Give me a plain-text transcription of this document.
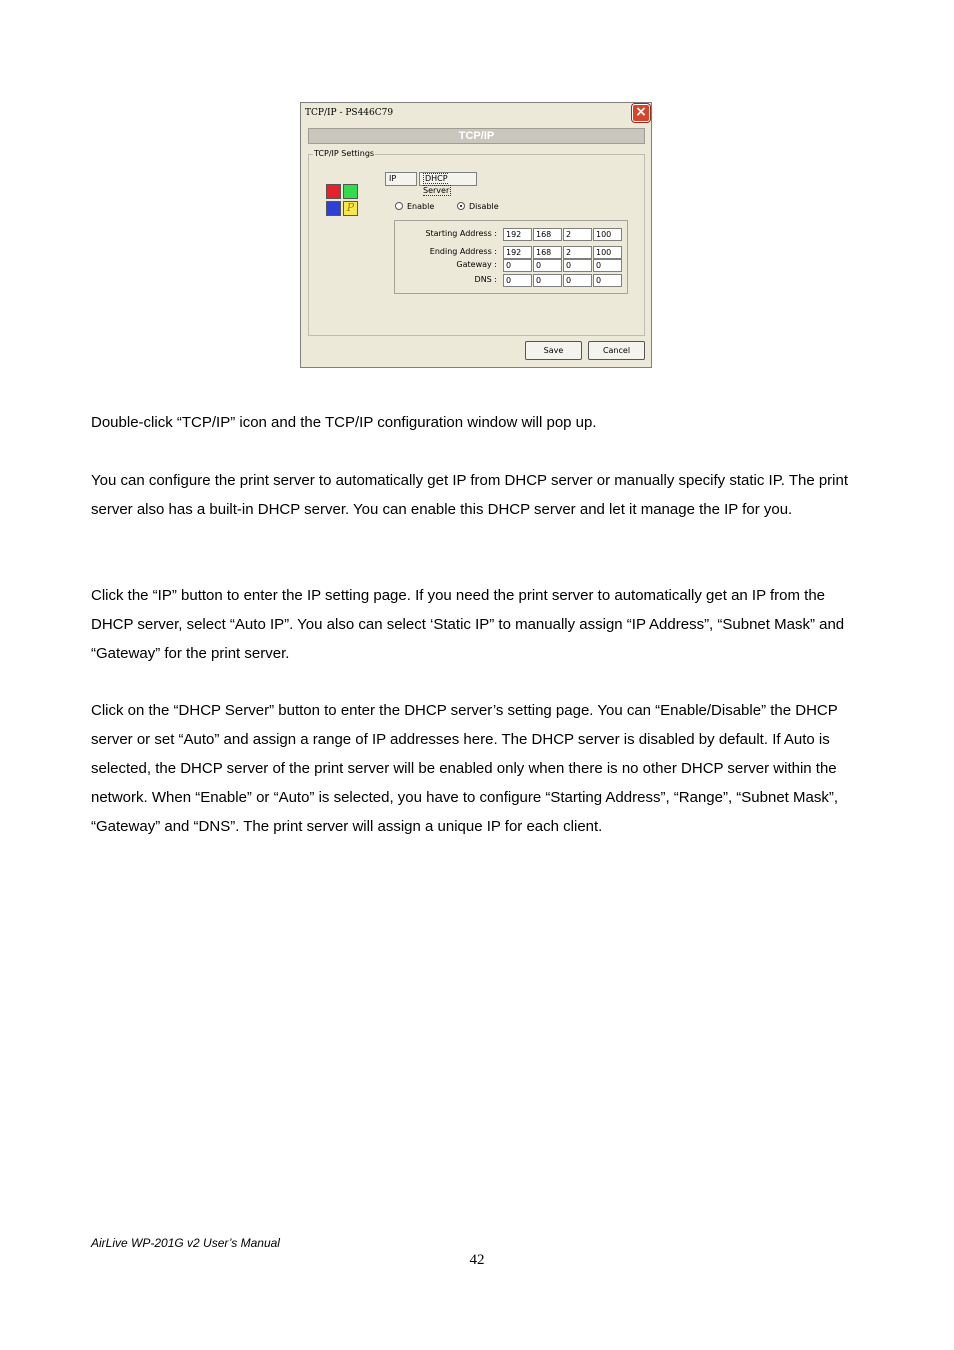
TCP/IP - PS446C79	×
TCP/IP
TCP/IP Settings
P
IP	DHCP Server
Enable	Disable
Starting Address :	192	168	2	100
Ending Address :	192	168	2	100
Gateway :	0	0	0	0
DNS :	0	0	0	0
Save	Cancel

Double-click “TCP/IP” icon and the TCP/IP configuration window will pop up.

You can configure the print server to automatically get IP from DHCP server or manually specify static IP. The print server also has a built-in DHCP server. You can enable this DHCP server and let it manage the IP for you.

Click the “IP” button to enter the IP setting page. If you need the print server to automatically get an IP from the DHCP server, select “Auto IP”. You also can select ‘Static IP” to manually assign “IP Address”, “Subnet Mask” and “Gateway” for the print server.

Click on the “DHCP Server” button to enter the DHCP server’s setting page. You can “Enable/Disable” the DHCP server or set “Auto” and assign a range of IP addresses here. The DHCP server is disabled by default. If Auto is selected, the DHCP server of the print server will be enabled only when there is no other DHCP server within the network. When “Enable” or “Auto” is selected, you have to configure “Starting Address”, “Range”, “Subnet Mask”, “Gateway” and “DNS”. The print server will assign a unique IP for each client.

AirLive WP-201G v2 User’s Manual
42
